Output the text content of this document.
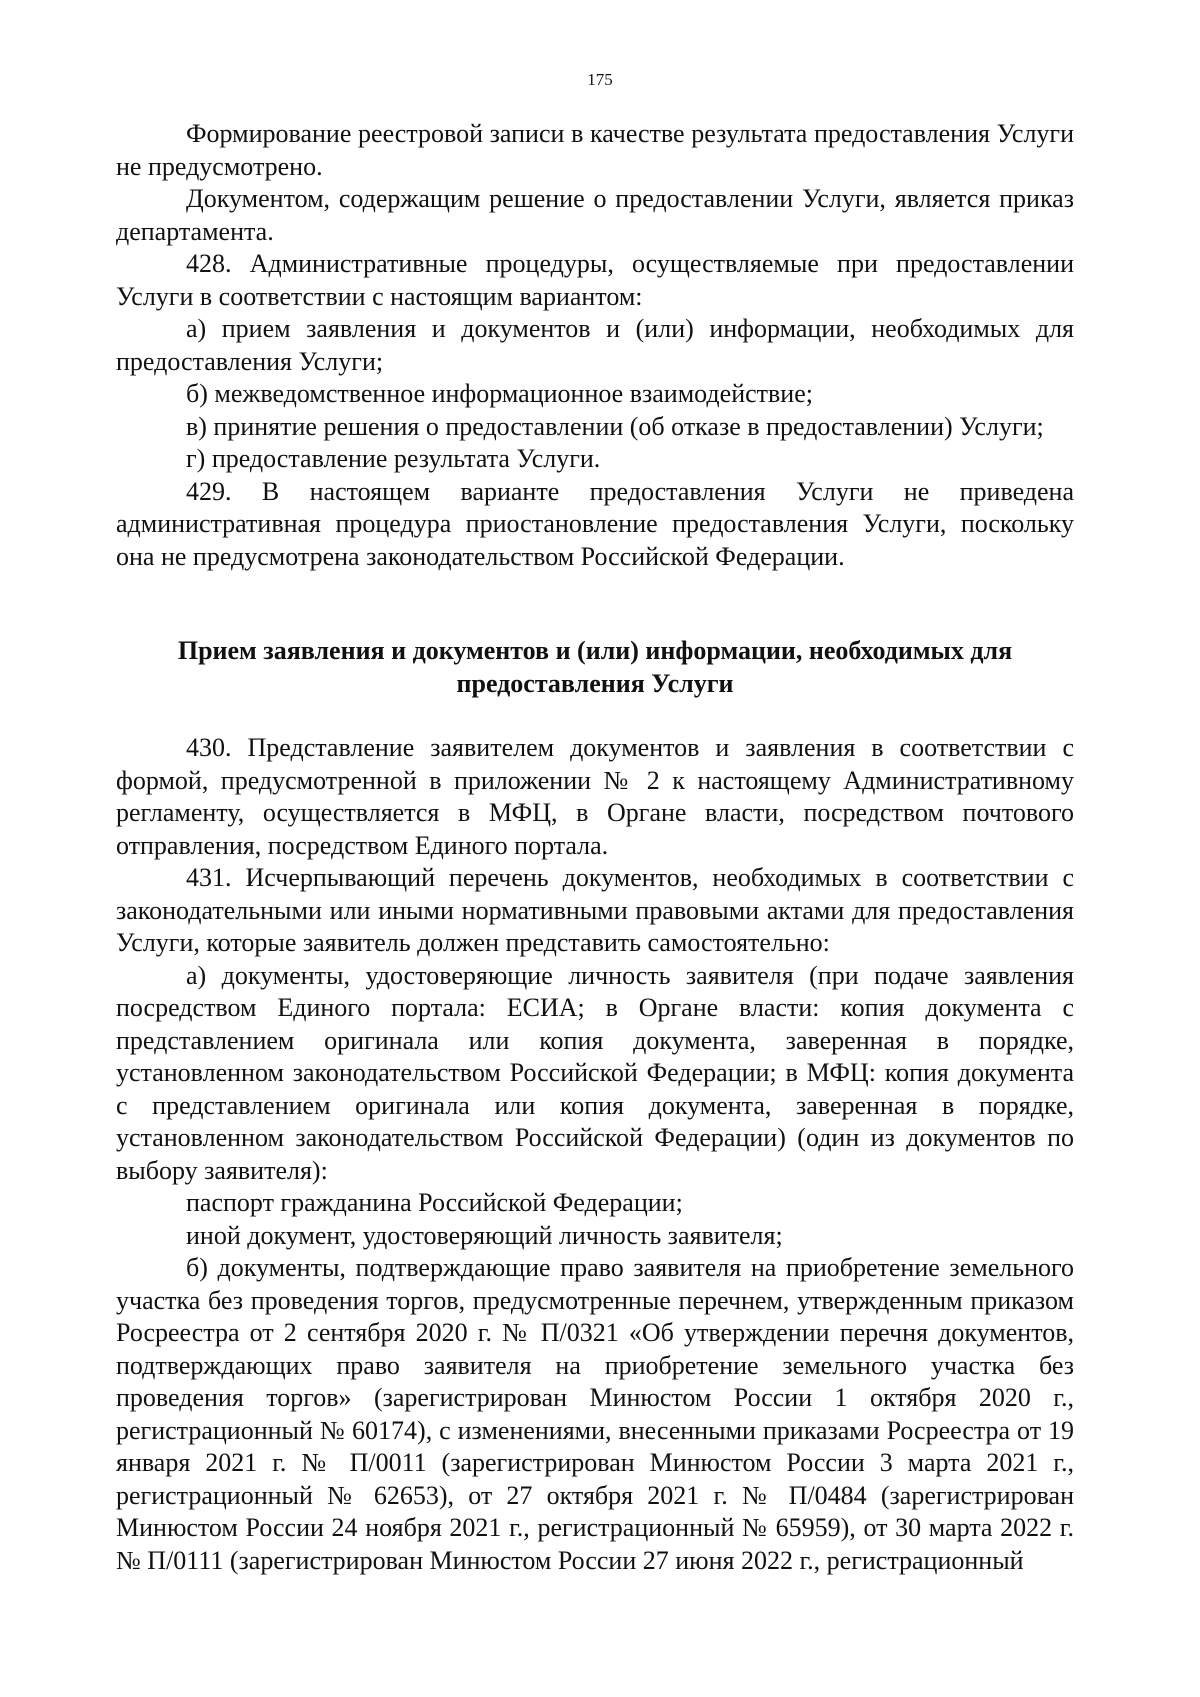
175

Формирование реестровой записи в качестве результата предоставления Услуги не предусмотрено.

Документом, содержащим решение о предоставлении Услуги, является приказ департамента.

428. Административные процедуры, осуществляемые при предоставлении Услуги в соответствии с настоящим вариантом:

а) прием заявления и документов и (или) информации, необходимых для предоставления Услуги;

б) межведомственное информационное взаимодействие;

в) принятие решения о предоставлении (об отказе в предоставлении) Услуги;

г) предоставление результата Услуги.

429. В настоящем варианте предоставления Услуги не приведена административная процедура приостановление предоставления Услуги, поскольку она не предусмотрена законодательством Российской Федерации.

Прием заявления и документов и (или) информации, необходимых для
предоставления Услуги

430. Представление заявителем документов и заявления в соответствии с формой, предусмотренной в приложении № 2 к настоящему Административному регламенту, осуществляется в МФЦ, в Органе власти, посредством почтового отправления, посредством Единого портала.

431. Исчерпывающий перечень документов, необходимых в соответствии с законодательными или иными нормативными правовыми актами для предоставления Услуги, которые заявитель должен представить самостоятельно:

а) документы, удостоверяющие личность заявителя (при подаче заявления посредством Единого портала: ЕСИА; в Органе власти: копия документа с представлением оригинала или копия документа, заверенная в порядке, установленном законодательством Российской Федерации; в МФЦ: копия документа с представлением оригинала или копия документа, заверенная в порядке, установленном законодательством Российской Федерации) (один из документов по выбору заявителя):

паспорт гражданина Российской Федерации;

иной документ, удостоверяющий личность заявителя;

б) документы, подтверждающие право заявителя на приобретение земельного участка без проведения торгов, предусмотренные перечнем, утвержденным приказом Росреестра от 2 сентября 2020 г. № П/0321 «Об утверждении перечня документов, подтверждающих право заявителя на приобретение земельного участка без проведения торгов» (зарегистрирован Минюстом России 1 октября 2020 г., регистрационный № 60174), с изменениями, внесенными приказами Росреестра от 19 января 2021 г. № П/0011 (зарегистрирован Минюстом России 3 марта 2021 г., регистрационный № 62653), от 27 октября 2021 г. № П/0484 (зарегистрирован Минюстом России 24 ноября 2021 г., регистрационный № 65959), от 30 марта 2022 г. № П/0111 (зарегистрирован Минюстом России 27 июня 2022 г., регистрационный
